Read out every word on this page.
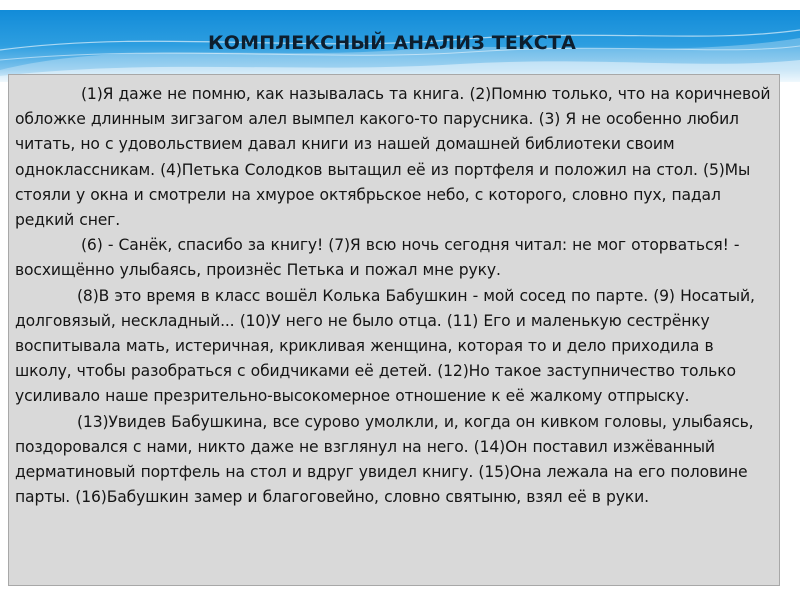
КОМПЛЕКСНЫЙ АНАЛИЗ ТЕКСТА

(1)Я даже не помню, как называлась та книга. (2)Помню только, что на коричневой обложке длинным зигзагом алел вымпел какого-то парусника. (3) Я не особенно любил читать, но с удовольствием давал книги из нашей домашней библиотеки своим одноклассникам. (4)Петька Солодков вытащил её из портфеля и положил на стол. (5)Мы стояли у окна и смотрели на хмурое октябрьское небо, с которого, словно пух, падал редкий снег.

(6) - Санёк, спасибо за книгу! (7)Я всю ночь сегодня читал: не мог оторваться! - восхищённо улыбаясь, произнёс Петька и пожал мне руку.

(8)В это время в класс вошёл Колька Бабушкин - мой сосед по парте. (9) Носатый, долговязый, нескладный... (10)У него не было отца. (11) Его и маленькую сестрёнку воспитывала мать, истеричная, крикливая женщина, которая то и дело приходила в школу, чтобы разобраться с обидчиками её детей. (12)Но такое заступничество только усиливало наше презрительно-высокомерное отношение к её жалкому отпрыску.

(13)Увидев Бабушкина, все сурово умолкли, и, когда он кивком головы, улыбаясь, поздоровался с нами, никто даже не взглянул на него. (14)Он поставил изжёванный дерматиновый портфель на стол и вдруг увидел книгу. (15)Она лежала на его половине парты. (16)Бабушкин замер и благоговейно, словно святыню, взял её в руки.
